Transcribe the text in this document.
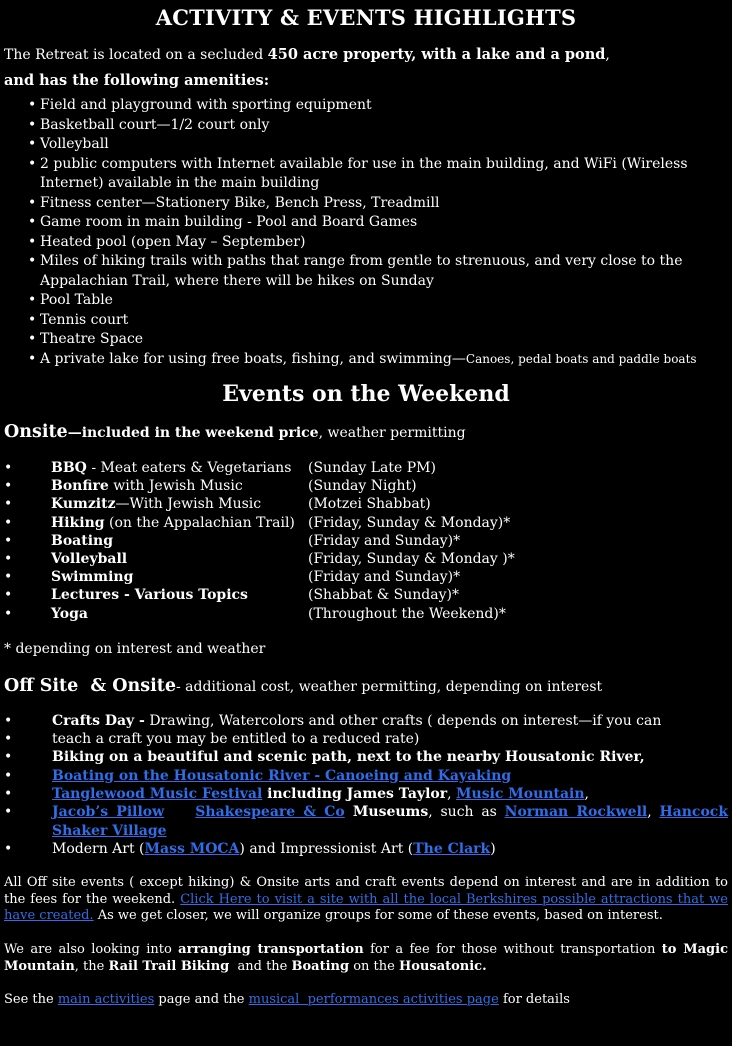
ACTIVITY & EVENTS HIGHLIGHTS

The Retreat is located on a secluded 450 acre property, with a lake and a pond,
and has the following amenities:

• Field and playground with sporting equipment
• Basketball court—1/2 court only
• Volleyball
• 2 public computers with Internet available for use in the main building, and WiFi (Wireless Internet) available in the main building
• Fitness center—Stationery Bike, Bench Press, Treadmill
• Game room in main building - Pool and Board Games
• Heated pool (open May – September)
• Miles of hiking trails with paths that range from gentle to strenuous, and very close to the Appalachian Trail, where there will be hikes on Sunday
• Pool Table
• Tennis court
• Theatre Space
• A private lake for using free boats, fishing, and swimming—Canoes, pedal boats and paddle boats
Events on the Weekend

Onsite—included in the weekend price, weather permitting

•	BBQ - Meat eaters & Vegetarians	(Sunday Late PM)
•	Bonfire with Jewish Music	(Sunday Night)
•	Kumzitz—With Jewish Music	(Motzei Shabbat)
•	Hiking (on the Appalachian Trail)	(Friday, Sunday & Monday)*
•	Boating	(Friday and Sunday)*
•	Volleyball	(Friday, Sunday & Monday )*
•	Swimming	(Friday and Sunday)*
•	Lectures - Various Topics	(Shabbat & Sunday)*
•	Yoga	(Throughout the Weekend)*

* depending on interest and weather

Off Site  & Onsite- additional cost, weather permitting, depending on interest

• Crafts Day - Drawing, Watercolors and other crafts ( depends on interest—if you can
• teach a craft you may be entitled to a reduced rate)
• Biking on a beautiful and scenic path, next to the nearby Housatonic River,
• Boating on the Housatonic River - Canoeing and Kayaking
• Tanglewood Music Festival including James Taylor, Music Mountain,
• Jacob’s Pillow Shakespeare & Co Museums, such as Norman Rockwell, Hancock Shaker Village
• Modern Art (Mass MOCA) and Impressionist Art (The Clark)

All Off site events ( except hiking) & Onsite arts and craft events depend on interest and are in addition to the fees for the weekend. Click Here to visit a site with all the local Berkshires possible attractions that we have created. As we get closer, we will organize groups for some of these events, based on interest.

We are also looking into arranging transportation for a fee for those without transportation to Magic Mountain, the Rail Trail Biking  and the Boating on the Housatonic.

See the main activities page and the musical  performances activities page for details
